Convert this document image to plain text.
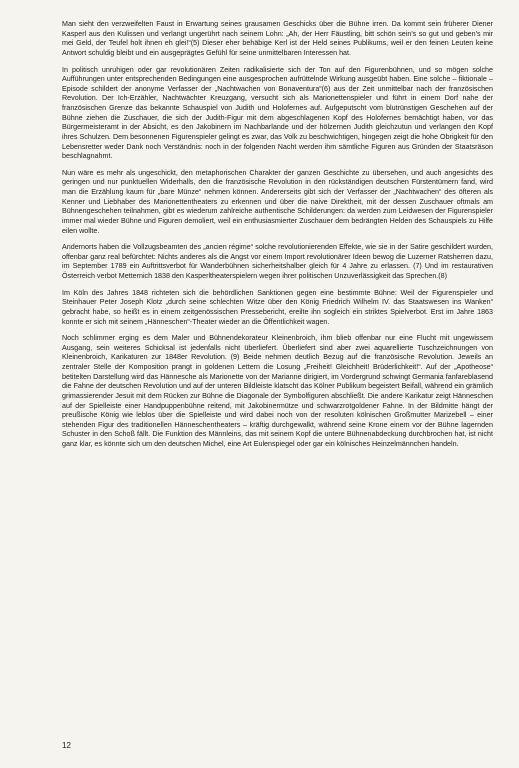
Man sieht den verzweifelten Faust in Erwartung seines grausamen Geschicks über die Bühne irren. Da kommt sein früherer Diener Kasperl aus den Kulissen und verlangt ungerührt nach seinem Lohn: „Ah, der Herr Fäustling, bitt schön sein's so gut und geben's mir mei Geld, der Teufel holt ihnen eh glei!“(5) Dieser eher behäbige Kerl ist der Held seines Publikums, weil er den feinen Leuten keine Antwort schuldig bleibt und ein ausgeprägtes Gefühl für seine unmittelbaren Interessen hat.

In politisch unruhigen oder gar revolutionären Zeiten radikalisierte sich der Ton auf den Figurenbühnen, und so mögen solche Aufführungen unter entsprechenden Bedingungen eine ausgesprochen aufrüttelnde Wirkung ausgeübt haben. Eine solche – fiktionale – Episode schildert der anonyme Verfasser der „Nachtwachen von Bonaventura“(6) aus der Zeit unmittelbar nach der französischen Revolution. Der Ich-Erzähler, Nachtwächter Kreuzgang, versucht sich als Marionettenspieler und führt in einem Dorf nahe der französischen Grenze das bekannte Schauspiel von Judith und Holofernes auf. Aufgeputscht vom blutrünstigen Geschehen auf der Bühne ziehen die Zuschauer, die sich der Judith-Figur mit dem abgeschlagenen Kopf des Holofernes bemächtigt haben, vor das Bürgermeisteramt in der Absicht, es den Jakobinern im Nachbarlande und der hölzernen Judith gleichzutun und verlangen den Kopf ihres Schulzen. Dem besonnenen Figurenspieler gelingt es zwar, das Volk zu beschwichtigen, hingegen zeigt die hohe Obrigkeit für den Lebensretter weder Dank noch Verständnis: noch in der folgenden Nacht werden ihm sämtliche Figuren aus Gründen der Staatsräson beschlagnahmt.

Nun wäre es mehr als ungeschickt, den metaphorischen Charakter der ganzen Geschichte zu übersehen, und auch angesichts des geringen und nur punktuellen Widerhalls, den die französische Revolution in den rückständigen deutschen Fürstentümern fand, wird man die Erzählung kaum für „bare Münze“ nehmen können. Andererseits gibt sich der Verfasser der „Nachtwachen“ des öfteren als Kenner und Liebhaber des Marionettentheaters zu erkennen und über die naive Direktheit, mit der dessen Zuschauer oftmals am Bühnengeschehen teilnahmen, gibt es wiederum zahlreiche authentische Schilderungen: da werden zum Leidwesen der Figurenspieler immer mal wieder Bühne und Figuren demoliert, weil ein enthusiasmierter Zuschauer dem bedrängten Helden des Schauspiels zu Hilfe eilen wollte.

Andernorts haben die Vollzugsbeamten des „ancien régime“ solche revolutionierenden Effekte, wie sie in der Satire geschildert wurden, offenbar ganz real befürchtet: Nichts anderes als die Angst vor einem Import revolutionärer Ideen bewog die Luzerner Ratsherren dazu, im September 1789 ein Auftrittsverbot für Wanderbühnen sicherheitshalber gleich für 4 Jahre zu erlassen. (7) Und im restaurativen Österreich verbot Metternich 1838 den Kasperltheaterspielern wegen ihrer politischen Unzuverlässigkeit das Sprechen.(8)

Im Köln des Jahres 1848 richteten sich die behördlichen Sanktionen gegen eine bestimmte Bühne: Weil der Figurenspieler und Steinhauer Peter Joseph Klotz „durch seine schlechten Witze über den König Friedrich Wilhelm IV. das Staatswesen ins Wanken“ gebracht habe, so heißt es in einem zeitgenössischen Pressebericht, ereilte ihn sogleich ein striktes Spielverbot. Erst im Jahre 1863 konnte er sich mit seinem „Hänneschen“-Theater wieder an die Öffentlichkeit wagen.

Noch schlimmer erging es dem Maler und Bühnendekorateur Kleinenbroich, ihm blieb offenbar nur eine Flucht mit ungewissem Ausgang, sein weiteres Schicksal ist jedenfalls nicht überliefert. Überliefert sind aber zwei aquarellierte Tuschzeichnungen von Kleinenbroich, Karikaturen zur 1848er Revolution. (9) Beide nehmen deutlich Bezug auf die französische Revolution. Jeweils an zentraler Stelle der Komposition prangt in goldenen Lettern die Losung „Freiheit! Gleichheit! Brüderlichkeit!“. Auf der „Apotheose“ betitelten Darstellung wird das Hännesche als Marionette von der Marianne dirigiert, im Vordergrund schwingt Germania fanfareblasend die Fahne der deutschen Revolution und auf der unteren Bildleiste klatscht das Kölner Publikum begeistert Beifall, während ein grämlich grimassierender Jesuit mit dem Rücken zur Bühne die Diagonale der Symbolfiguren abschließt. Die andere Karikatur zeigt Hänneschen auf der Spielleiste einer Handpuppenbühne reitend, mit Jakobinermütze und schwarzrotgoldener Fahne. In der Bildmitte hängt der preußische König wie leblos über die Spielleiste und wird dabei noch von der resoluten kölnischen Großmutter Marizebell – einer stehenden Figur des traditionellen Hänneschentheaters – kräftig durchgewalkt, während seine Krone einem vor der Bühne lagernden Schuster in den Schoß fällt. Die Funktion des Männleins, das mit seinem Kopf die untere Bühnenabdeckung durchbrochen hat, ist nicht ganz klar, es könnte sich um den deutschen Michel, eine Art Eulenspiegel oder gar ein kölnisches Heinzelmännchen handeln.

12
